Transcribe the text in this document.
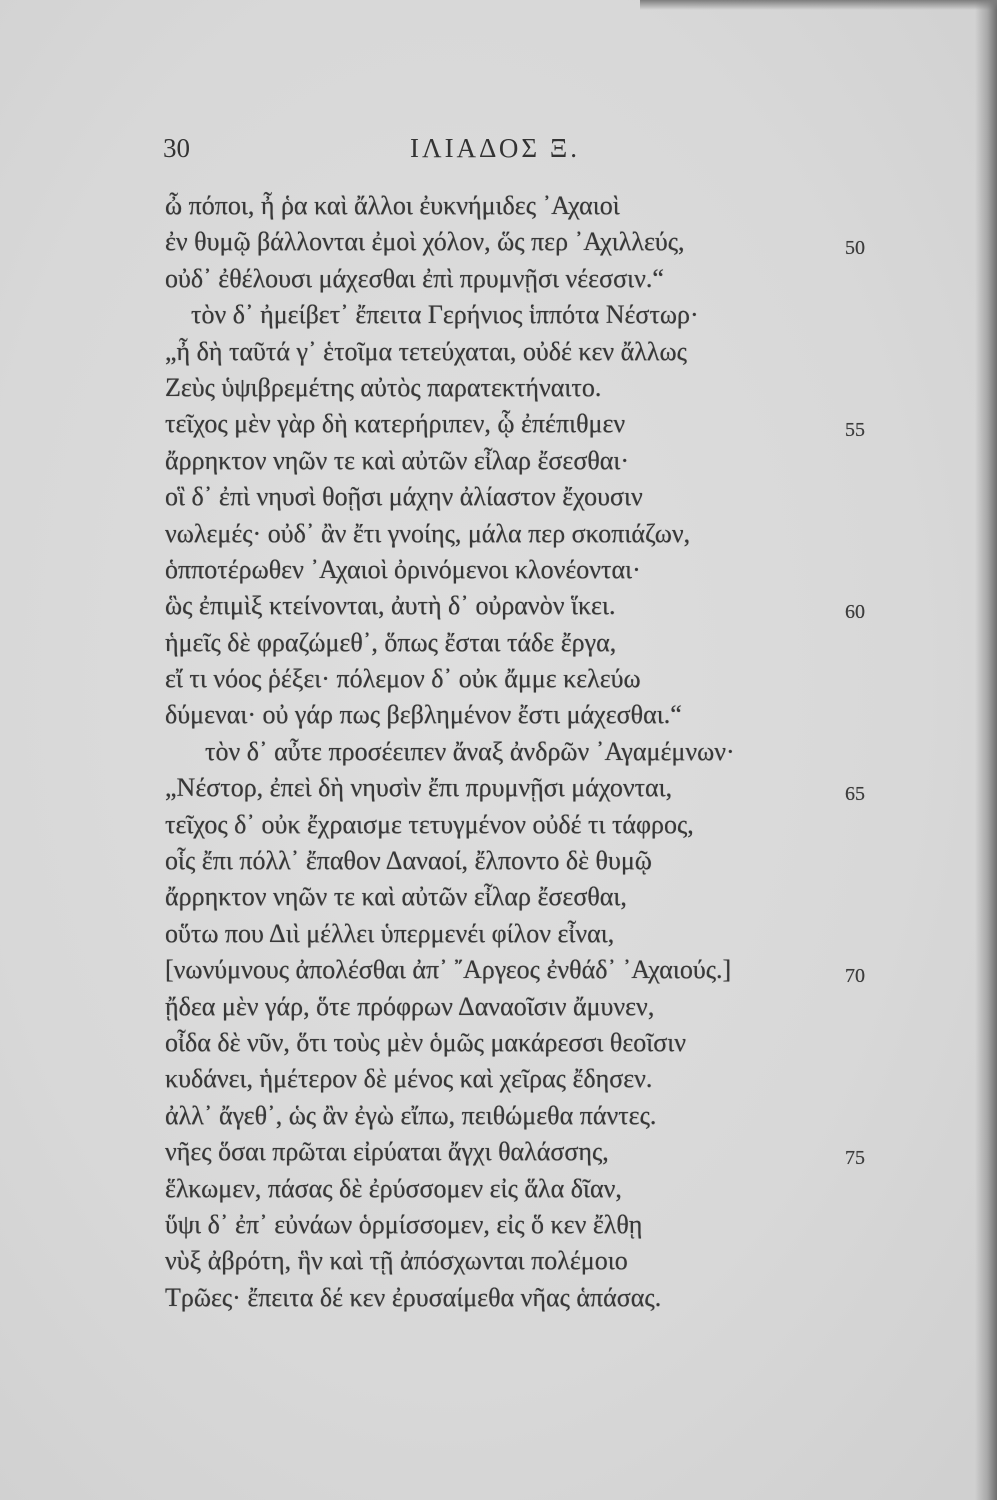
30	ΙΛΙΑΔΟΣ Ξ.
ὦ πόποι, ἦ ῥα καὶ ἄλλοι ἐυκνήμιδες ᾿Αχαιοὶ
ἐν θυμῷ βάλλονται ἐμοὶ χόλον, ὥς περ ᾿Αχιλλεύς,	50
οὐδ᾿ ἐθέλουσι μάχεσθαι ἐπὶ πρυμνῇσι νέεσσιν.“
τὸν δ᾿ ἠμείβετ᾿ ἔπειτα Γερήνιος ἱππότα Νέστωρ·
„ἦ δὴ ταῦτά γ᾿ ἑτοῖμα τετεύχαται, οὐδέ κεν ἄλλως
Ζεὺς ὑψιβρεμέτης αὐτὸς παρατεκτήναιτο.
τεῖχος μὲν γὰρ δὴ κατερήριπεν, ᾧ ἐπέπιθμεν	55
ἄρρηκτον νηῶν τε καὶ αὐτῶν εἶλαρ ἔσεσθαι·
οἳ δ᾿ ἐπὶ νηυσὶ θοῇσι μάχην ἀλίαστον ἔχουσιν
νωλεμές· οὐδ᾿ ἂν ἔτι γνοίης, μάλα περ σκοπιάζων,
ὁπποτέρωθεν ᾿Αχαιοὶ ὀρινόμενοι κλονέονται·
ὣς ἐπιμὶξ κτείνονται, ἀυτὴ δ᾿ οὐρανὸν ἵκει.	60
ἡμεῖς δὲ φραζώμεθ᾿, ὅπως ἔσται τάδε ἔργα,
εἴ τι νόος ῥέξει· πόλεμον δ᾿ οὐκ ἄμμε κελεύω
δύμεναι· οὐ γάρ πως βεβλημένον ἔστι μάχεσθαι.“
τὸν δ᾿ αὖτε προσέειπεν ἄναξ ἀνδρῶν ᾿Αγαμέμνων·
„Νέστορ, ἐπεὶ δὴ νηυσὶν ἔπι πρυμνῇσι μάχονται,	65
τεῖχος δ᾿ οὐκ ἔχραισμε τετυγμένον οὐδέ τι τάφρος,
οἷς ἔπι πόλλ᾿ ἔπαθον Δαναοί, ἔλποντο δὲ θυμῷ
ἄρρηκτον νηῶν τε καὶ αὐτῶν εἶλαρ ἔσεσθαι,
οὕτω που Διὶ μέλλει ὑπερμενέι φίλον εἶναι,
[νωνύμνους ἀπολέσθαι ἀπ᾿ ῎Αργεος ἐνθάδ᾿ ᾿Αχαιούς.]	70
ᾔδεα μὲν γάρ, ὅτε πρόφρων Δαναοῖσιν ἄμυνεν,
οἶδα δὲ νῦν, ὅτι τοὺς μὲν ὁμῶς μακάρεσσι θεοῖσιν
κυδάνει, ἡμέτερον δὲ μένος καὶ χεῖρας ἔδησεν.
ἀλλ᾿ ἄγεθ᾿, ὡς ἂν ἐγὼ εἴπω, πειθώμεθα πάντες.
νῆες ὅσαι πρῶται εἰρύαται ἄγχι θαλάσσης,	75
ἕλκωμεν, πάσας δὲ ἐρύσσομεν εἰς ἅλα δῖαν,
ὕψι δ᾿ ἐπ᾿ εὐνάων ὁρμίσσομεν, εἰς ὅ κεν ἔλθῃ
νὺξ ἀβρότη, ἣν καὶ τῇ ἀπόσχωνται πολέμοιο
Τρῶες· ἔπειτα δέ κεν ἐρυσαίμεθα νῆας ἁπάσας.
